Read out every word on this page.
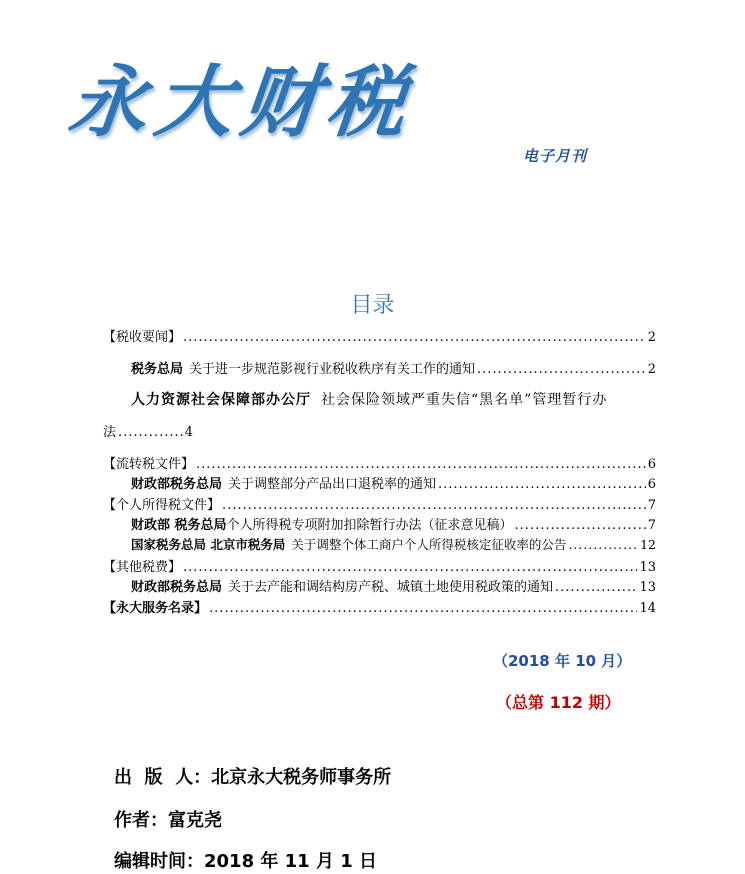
永大财税
电子月刊
目录
【税收要闻】 .....	2
税务总局 关于进一步规范影视行业税收秩序有关工作的通知 .....	2
人力资源社会保障部办公厅 社会保险领域严重失信“黑名单”管理暂行办
法 .....	4
【流转税文件】 .....	6
财政部税务总局 关于调整部分产品出口退税率的通知 .....	6
【个人所得税文件】 .....	7
财政部 税务总局 个人所得税专项附加扣除暂行办法（征求意见稿） .....	7
国家税务总局 北京市税务局 关于调整个体工商户个人所得税核定征收率的公告 .....	12
【其他税费】 .....	13
财政部税务总局 关于去产能和调结构房产税、城镇土地使用税政策的通知 .....	13
【永大服务名录】 .....	14
（2018 年 10 月）
（总第 112 期）
出  版  人：北京永大税务师事务所
作者：富克尧
编辑时间：2018 年 11 月 1 日
